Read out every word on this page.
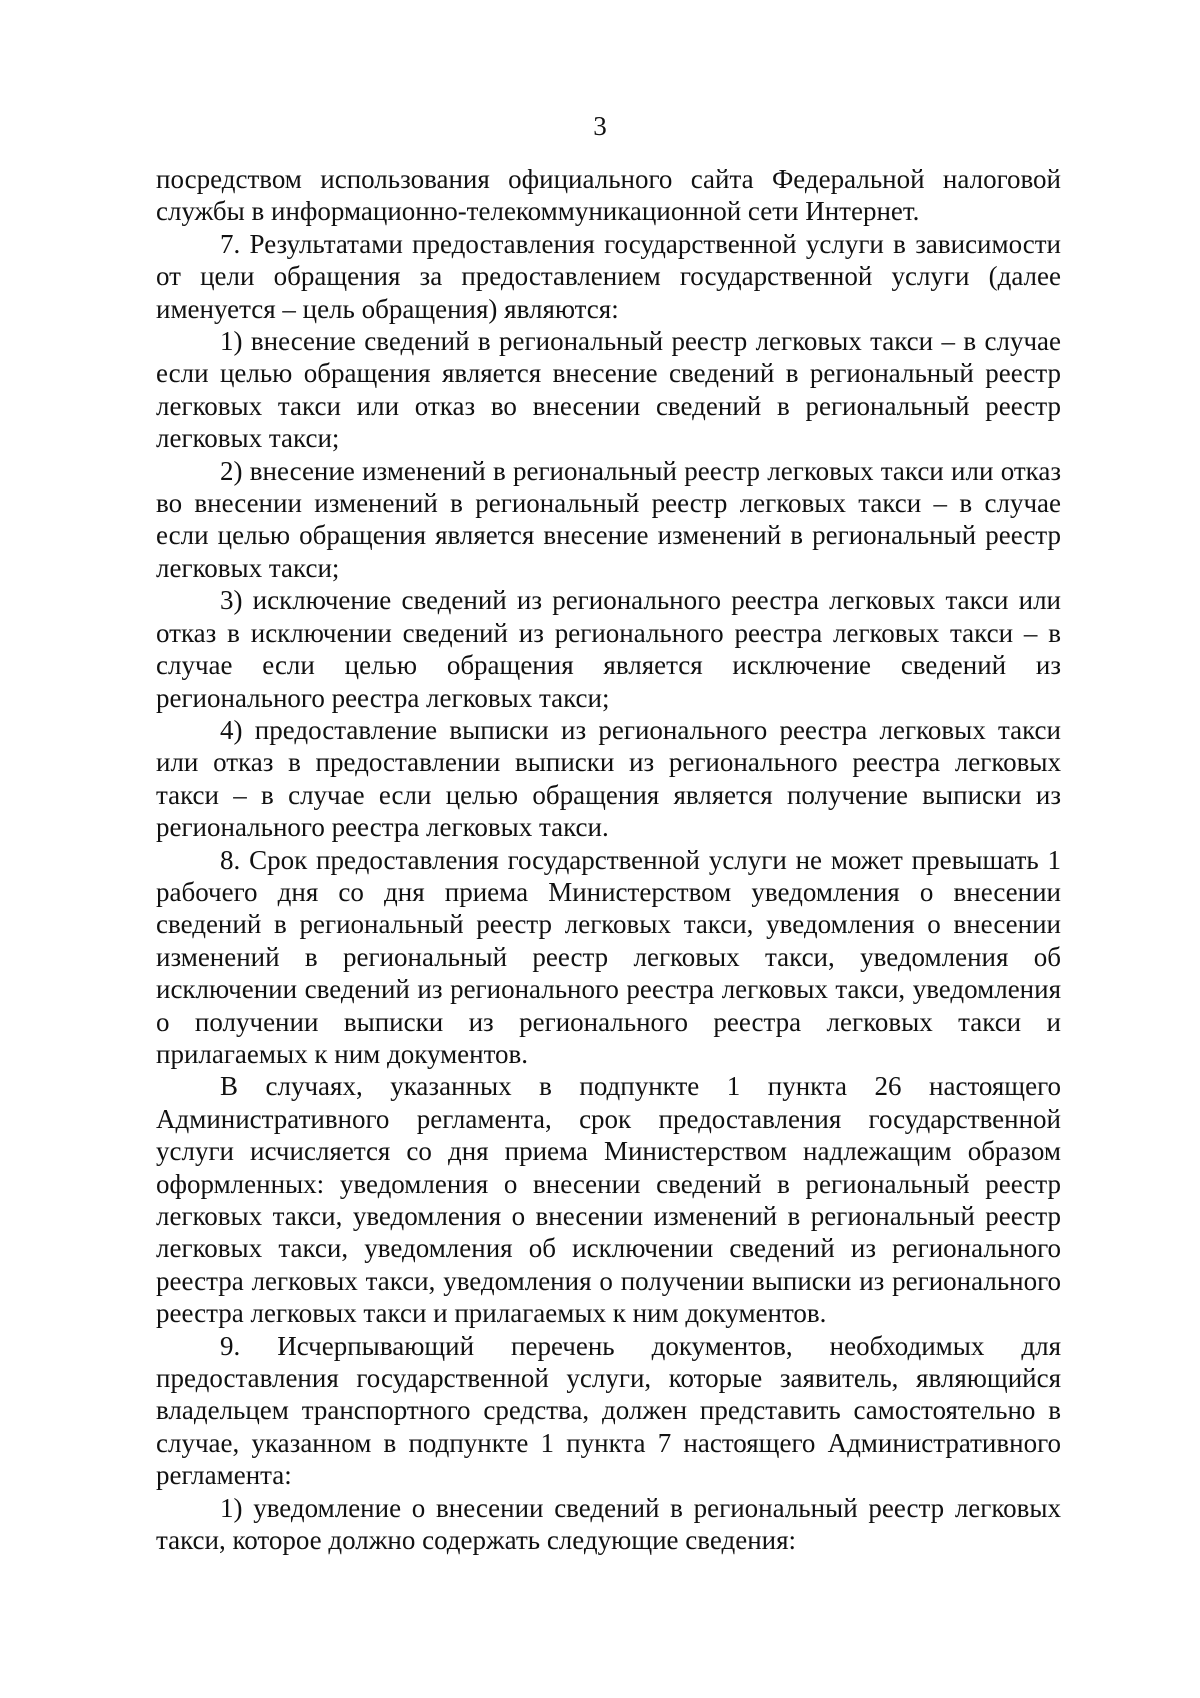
3

посредством использования официального сайта Федеральной налоговой службы в информационно-телекоммуникационной сети Интернет.

7. Результатами предоставления государственной услуги в зависимости от цели обращения за предоставлением государственной услуги (далее именуется – цель обращения) являются:

1) внесение сведений в региональный реестр легковых такси – в случае если целью обращения является внесение сведений в региональный реестр легковых такси или отказ во внесении сведений в региональный реестр легковых такси;

2) внесение изменений в региональный реестр легковых такси или отказ во внесении изменений в региональный реестр легковых такси – в случае если целью обращения является внесение изменений в региональный реестр легковых такси;

3) исключение сведений из регионального реестра легковых такси или отказ в исключении сведений из регионального реестра легковых такси – в случае если целью обращения является исключение сведений из регионального реестра легковых такси;

4) предоставление выписки из регионального реестра легковых такси или отказ в предоставлении выписки из регионального реестра легковых такси – в случае если целью обращения является получение выписки из регионального реестра легковых такси.

8. Срок предоставления государственной услуги не может превышать 1 рабочего дня со дня приема Министерством уведомления о внесении сведений в региональный реестр легковых такси, уведомления о внесении изменений в региональный реестр легковых такси, уведомления об исключении сведений из регионального реестра легковых такси, уведомления о получении выписки из регионального реестра легковых такси и прилагаемых к ним документов.

В случаях, указанных в подпункте 1 пункта 26 настоящего Административного регламента, срок предоставления государственной услуги исчисляется со дня приема Министерством надлежащим образом оформленных: уведомления о внесении сведений в региональный реестр легковых такси, уведомления о внесении изменений в региональный реестр легковых такси, уведомления об исключении сведений из регионального реестра легковых такси, уведомления о получении выписки из регионального реестра легковых такси и прилагаемых к ним документов.

9. Исчерпывающий перечень документов, необходимых для предоставления государственной услуги, которые заявитель, являющийся владельцем транспортного средства, должен представить самостоятельно в случае, указанном в подпункте 1 пункта 7 настоящего Административного регламента:

1) уведомление о внесении сведений в региональный реестр легковых такси, которое должно содержать следующие сведения:
